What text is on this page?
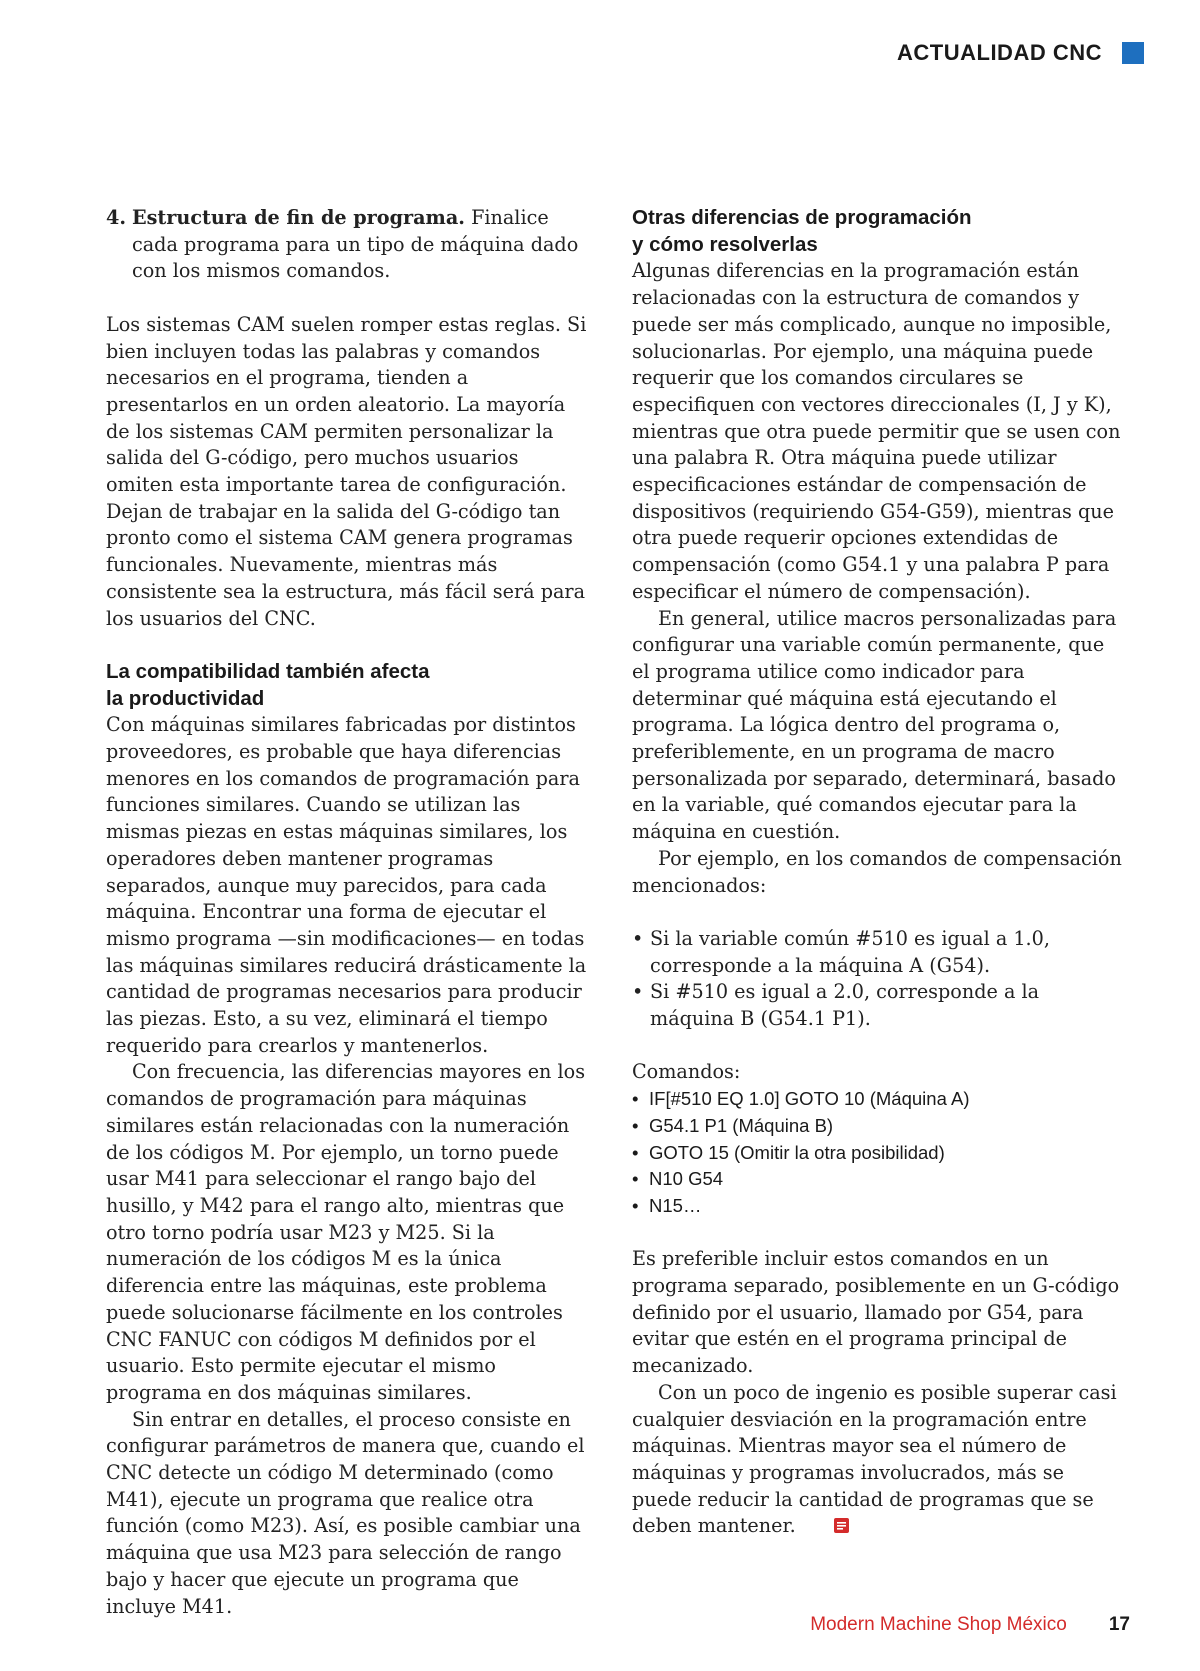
ACTUALIDAD CNC
4. Estructura de fin de programa. Finalice cada programa para un tipo de máquina dado con los mismos comandos.

Los sistemas CAM suelen romper estas reglas. Si bien incluyen todas las palabras y comandos necesarios en el programa, tienden a presentarlos en un orden aleatorio. La mayoría de los sistemas CAM permiten personalizar la salida del G-código, pero muchos usuarios omiten esta importante tarea de configuración. Dejan de trabajar en la salida del G-código tan pronto como el sistema CAM genera programas funcionales. Nuevamente, mientras más consistente sea la estructura, más fácil será para los usuarios del CNC.

La compatibilidad también afecta
la productividad

Con máquinas similares fabricadas por distintos proveedores, es probable que haya diferencias menores en los comandos de programación para funciones similares. Cuando se utilizan las mismas piezas en estas máquinas similares, los operadores deben mantener programas separados, aunque muy parecidos, para cada máquina. Encontrar una forma de ejecutar el mismo programa —sin modificaciones— en todas las máquinas similares reducirá drásticamente la cantidad de programas necesarios para producir las piezas. Esto, a su vez, eliminará el tiempo requerido para crearlos y mantenerlos.

Con frecuencia, las diferencias mayores en los comandos de programación para máquinas similares están relacionadas con la numeración de los códigos M. Por ejemplo, un torno puede usar M41 para seleccionar el rango bajo del husillo, y M42 para el rango alto, mientras que otro torno podría usar M23 y M25. Si la numeración de los códigos M es la única diferencia entre las máquinas, este problema puede solucionarse fácilmente en los controles CNC FANUC con códigos M definidos por el usuario. Esto permite ejecutar el mismo programa en dos máquinas similares.

Sin entrar en detalles, el proceso consiste en configurar parámetros de manera que, cuando el CNC detecte un código M determinado (como M41), ejecute un programa que realice otra función (como M23). Así, es posible cambiar una máquina que usa M23 para selección de rango bajo y hacer que ejecute un programa que incluye M41.

Otras diferencias de programación
y cómo resolverlas

Algunas diferencias en la programación están relacionadas con la estructura de comandos y puede ser más complicado, aunque no imposible, solucionarlas. Por ejemplo, una máquina puede requerir que los comandos circulares se especifiquen con vectores direccionales (I, J y K), mientras que otra puede permitir que se usen con una palabra R. Otra máquina puede utilizar especificaciones estándar de compensación de dispositivos (requiriendo G54-G59), mientras que otra puede requerir opciones extendidas de compensación (como G54.1 y una palabra P para especificar el número de compensación).

En general, utilice macros personalizadas para configurar una variable común permanente, que el programa utilice como indicador para determinar qué máquina está ejecutando el programa. La lógica dentro del programa o, preferiblemente, en un programa de macro personalizada por separado, determinará, basado en la variable, qué comandos ejecutar para la máquina en cuestión.

Por ejemplo, en los comandos de compensación mencionados:

• Si la variable común #510 es igual a 1.0, corresponde a la máquina A (G54).
• Si #510 es igual a 2.0, corresponde a la máquina B (G54.1 P1).

Comandos:

• IF[#510 EQ 1.0] GOTO 10 (Máquina A)
• G54.1 P1 (Máquina B)
• GOTO 15 (Omitir la otra posibilidad)
• N10 G54
• N15…

Es preferible incluir estos comandos en un programa separado, posiblemente en un G-código definido por el usuario, llamado por G54, para evitar que estén en el programa principal de mecanizado.

Con un poco de ingenio es posible superar casi cualquier desviación en la programación entre máquinas. Mientras mayor sea el número de máquinas y programas involucrados, más se puede reducir la cantidad de programas que se deben mantener.

Modern Machine Shop México 17
